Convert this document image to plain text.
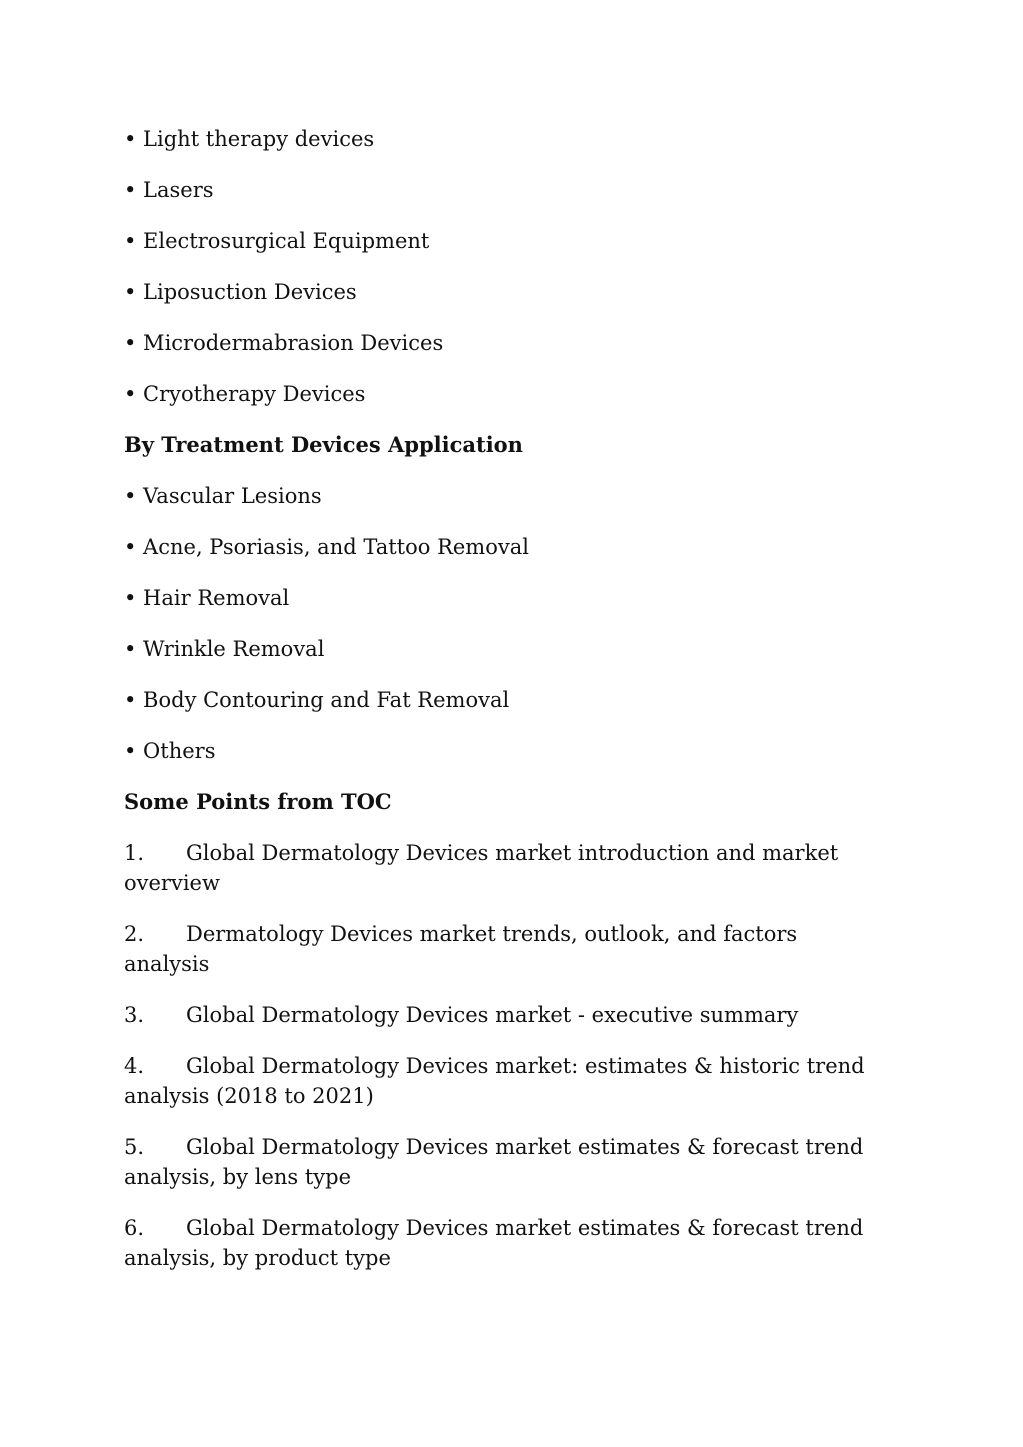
• Light therapy devices

• Lasers

• Electrosurgical Equipment

• Liposuction Devices

• Microdermabrasion Devices

• Cryotherapy Devices

By Treatment Devices Application

• Vascular Lesions

• Acne, Psoriasis, and Tattoo Removal

• Hair Removal

• Wrinkle Removal

• Body Contouring and Fat Removal

• Others

Some Points from TOC

1. Global Dermatology Devices market introduction and market overview

2. Dermatology Devices market trends, outlook, and factors analysis

3. Global Dermatology Devices market - executive summary

4. Global Dermatology Devices market: estimates & historic trend analysis (2018 to 2021)

5. Global Dermatology Devices market estimates & forecast trend analysis, by lens type

6. Global Dermatology Devices market estimates & forecast trend analysis, by product type
